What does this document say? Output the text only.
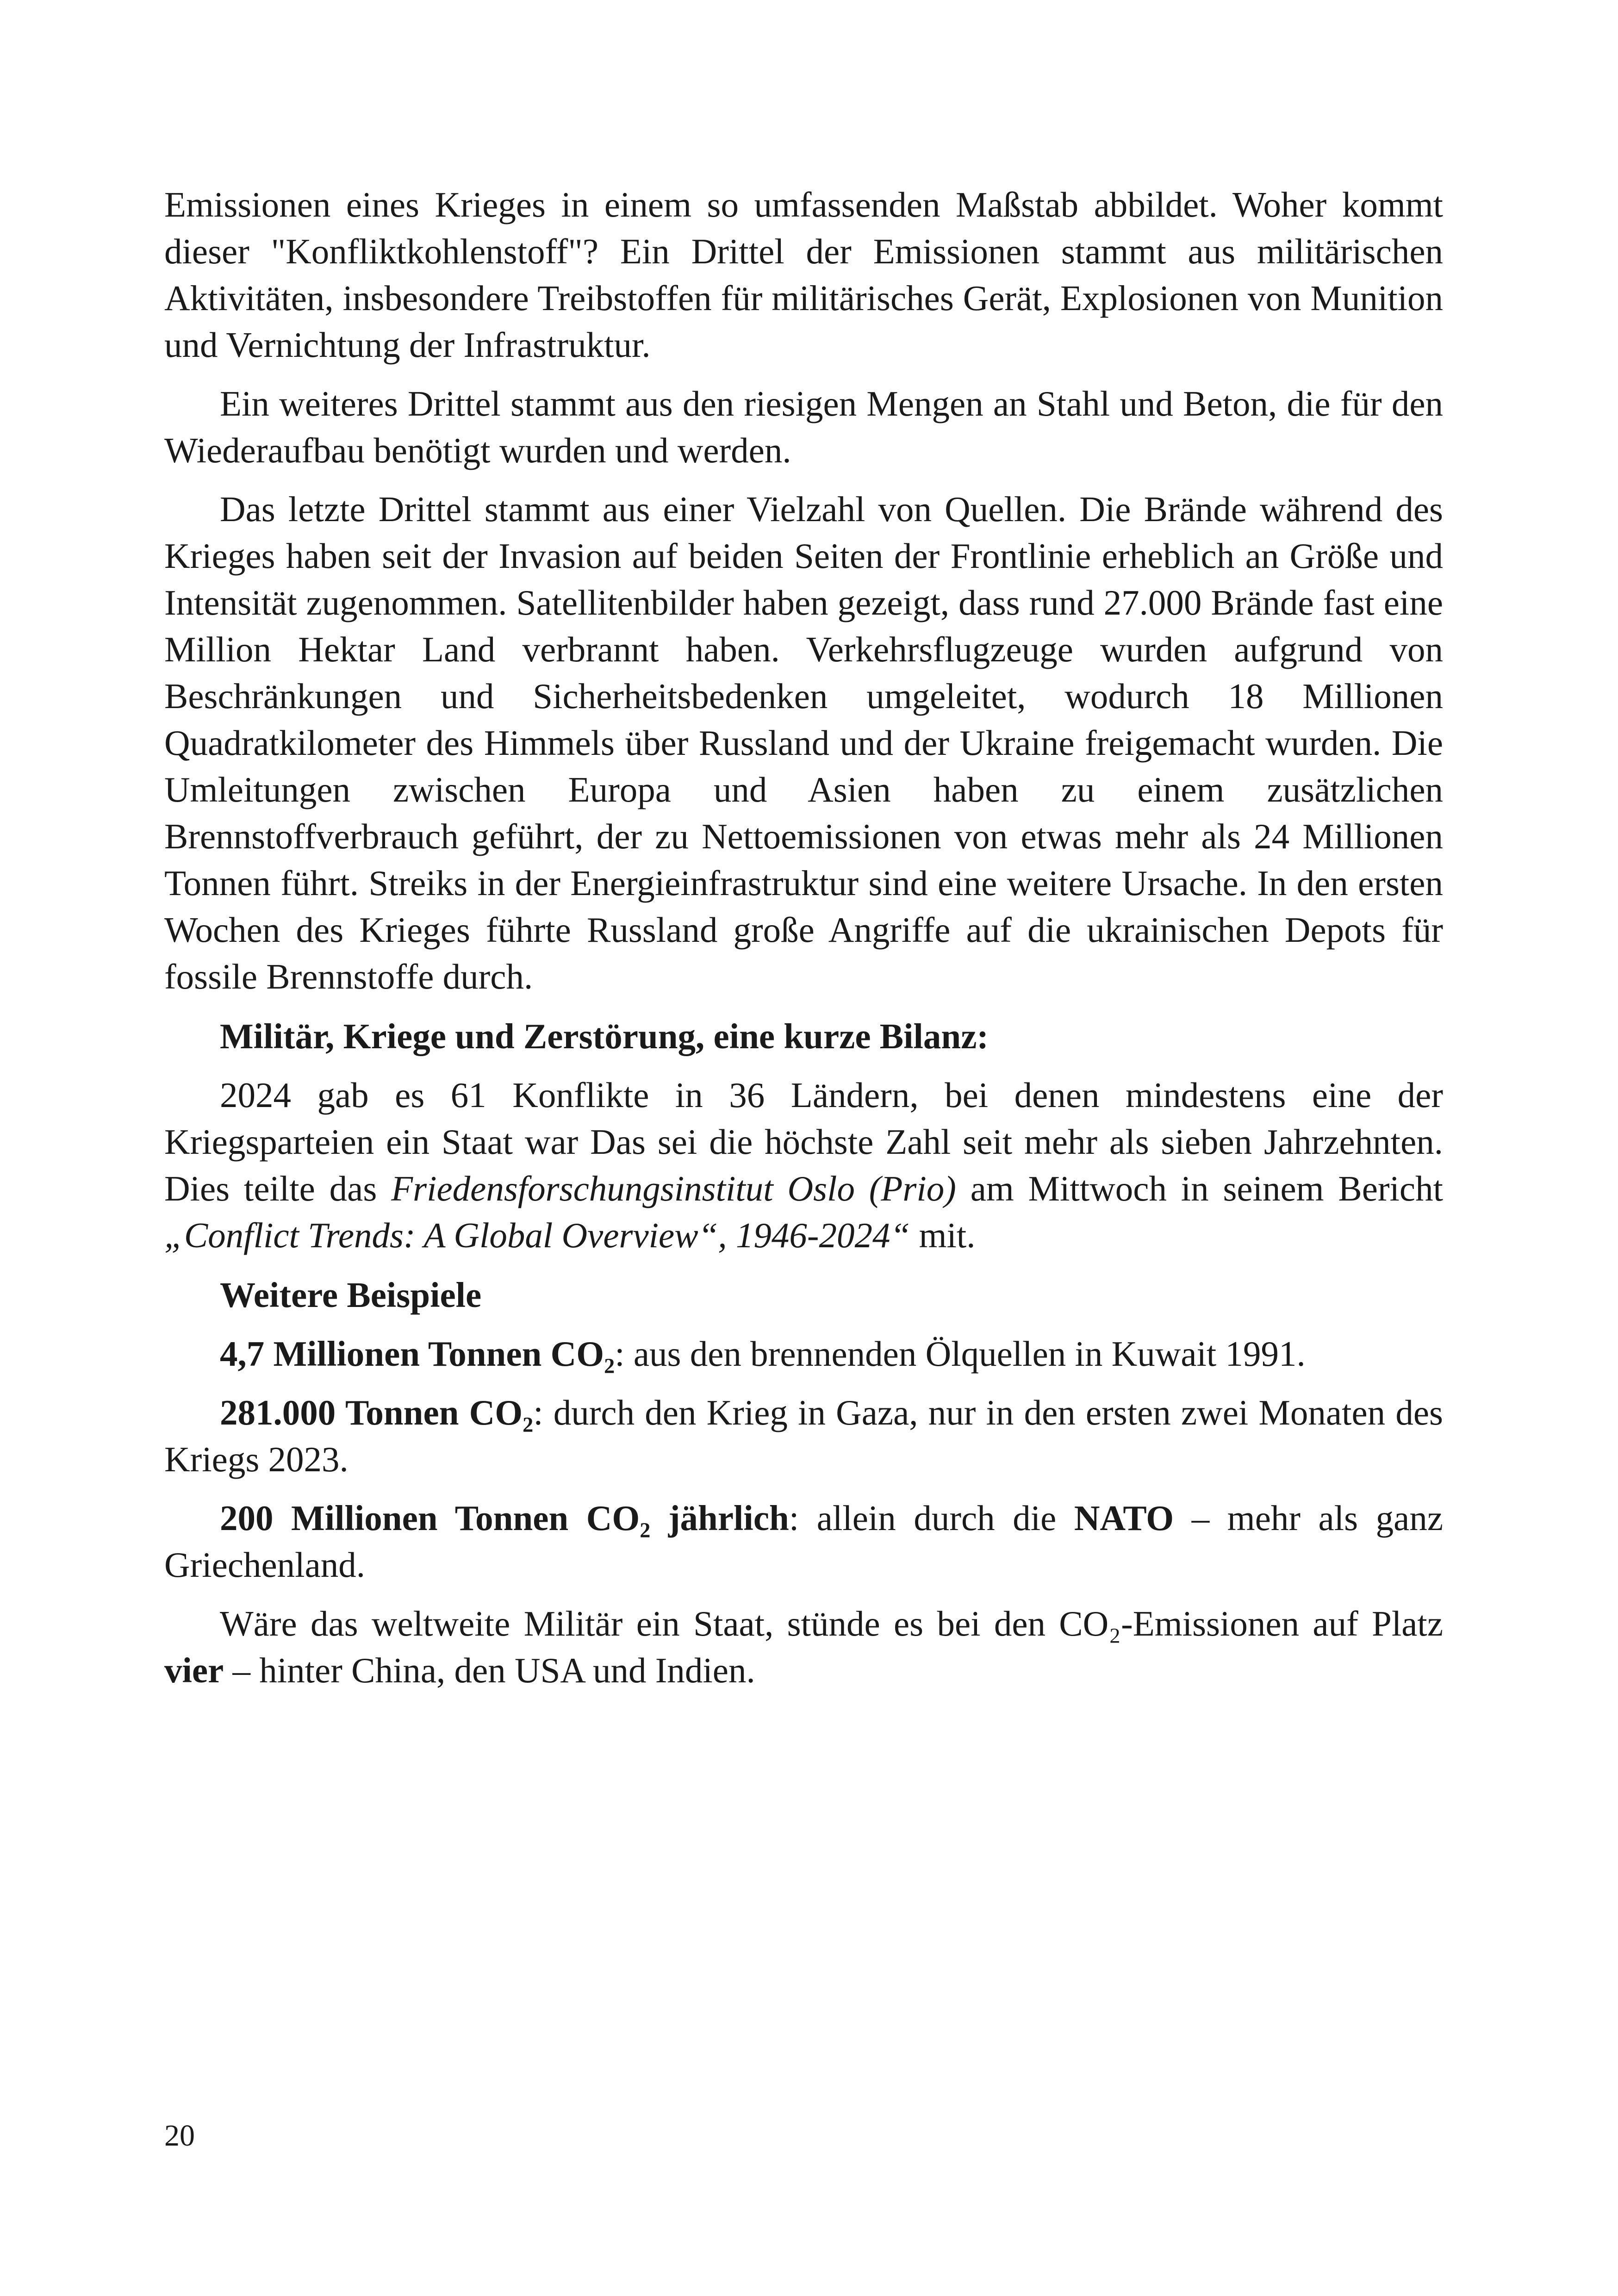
Emissionen eines Krieges in einem so umfassenden Maßstab abbildet. Woher kommt dieser "Konfliktkohlenstoff"? Ein Drittel der Emissionen stammt aus militärischen Aktivitäten, insbesondere Treibstoffen für militärisches Gerät, Explosionen von Munition und Vernichtung der Infrastruktur.

Ein weiteres Drittel stammt aus den riesigen Mengen an Stahl und Beton, die für den Wiederaufbau benötigt wurden und werden.

Das letzte Drittel stammt aus einer Vielzahl von Quellen. Die Brände während des Krieges haben seit der Invasion auf beiden Seiten der Frontlinie erheblich an Größe und Intensität zugenommen. Satellitenbilder haben gezeigt, dass rund 27.000 Brände fast eine Million Hektar Land verbrannt haben. Verkehrsflugzeuge wurden aufgrund von Beschränkungen und Sicherheitsbedenken umgeleitet, wodurch 18 Millionen Quadratkilometer des Himmels über Russland und der Ukraine freigemacht wurden. Die Umleitungen zwischen Europa und Asien haben zu einem zusätzlichen Brennstoffverbrauch geführt, der zu Nettoemissionen von etwas mehr als 24 Millionen Tonnen führt. Streiks in der Energieinfrastruktur sind eine weitere Ursache. In den ersten Wochen des Krieges führte Russland große Angriffe auf die ukrainischen Depots für fossile Brennstoffe durch.

Militär, Kriege und Zerstörung, eine kurze Bilanz:

2024 gab es 61 Konflikte in 36 Ländern, bei denen mindestens eine der Kriegsparteien ein Staat war Das sei die höchste Zahl seit mehr als sieben Jahrzehnten. Dies teilte das Friedensforschungsinstitut Oslo (Prio) am Mittwoch in seinem Bericht „Conflict Trends: A Global Overview“, 1946-2024“ mit.

Weitere Beispiele

4,7 Millionen Tonnen CO₂: aus den brennenden Ölquellen in Kuwait 1991.

281.000 Tonnen CO₂: durch den Krieg in Gaza, nur in den ersten zwei Monaten des Kriegs 2023.

200 Millionen Tonnen CO₂ jährlich: allein durch die NATO – mehr als ganz Griechenland.

Wäre das weltweite Militär ein Staat, stünde es bei den CO₂-Emissionen auf Platz vier – hinter China, den USA und Indien.

20
